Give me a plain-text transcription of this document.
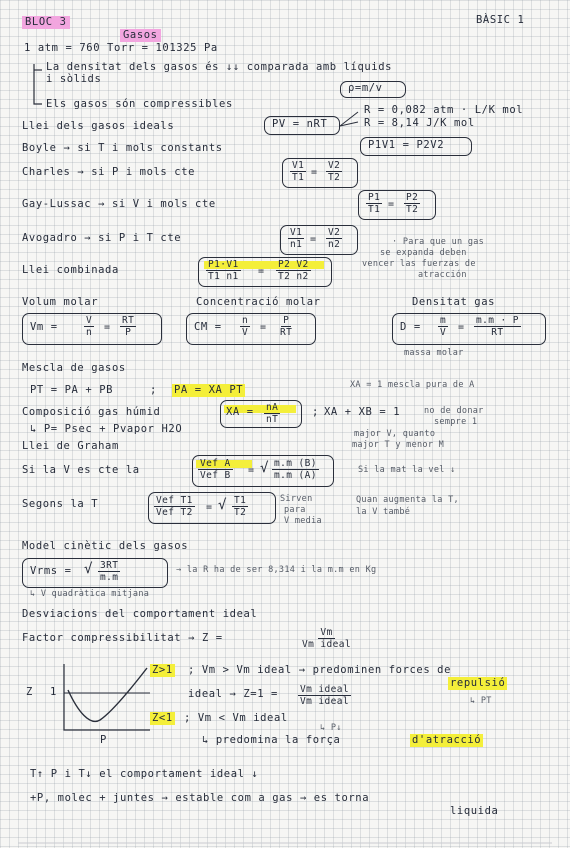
BLOC 3
Gasos
BÀSIC 1
1 atm = 760 Torr = 101325 Pa
La densitat dels gasos és ↓↓ comparada amb líquids
i sòlids
ρ=m/v
Els gasos són compressibles
Llei dels gasos ideals	PV = nRT
R = 0,082 atm · L/K mol
R = 8,14 J/K mol
Boyle → si T i mols constants	P1V1 = P2V2
Charles → si P i mols cte	$\frac{V1}{T1} = \frac{V2}{T2}$
Gay-Lussac → si V i mols cte	$\frac{P1}{T1} = \frac{P2}{T2}$
Avogadro → si P i T cte	$\frac{V1}{n1} = \frac{V2}{n2}$	· Para que un gas
se expanda deben
vencer las fuerzas de
atracción
Llei combinada	$\frac{P1\cdot V1}{T1 n1} = \frac{P2 V2}{T2 n2}$
Volum molar	Concentració molar	Densitat gas
Vm =	$\frac{V}{n} = \frac{RT}{P}$	CM = $\frac{n}{V} = \frac{P}{RT}$	$D = \frac{m}{V} = \frac{m.m \cdot P}{RT}$
massa molar
Mescla de gasos
PT = PA + PB	; PA = XA PT	XA = 1 mescla pura de A
Composició gas húmid	XA = $\frac{nA}{nT}$	; XA + XB = 1	no de donar
sempre 1
↳ P= Psec + Pvapor H2O	major V, quanto
major T y menor M
Llei de Graham
Si la V es cte la
Vef A
Vef B = √ $\frac{m.m (B)}{m.m (A)}$	Si la mat la vel ↓
Segons la T	Vef T1
Vef T2 = √ $\frac{T1}{T2}$	Sirven
para
V media
Quan augmenta la T,
la V també
Model cinètic dels gasos
Vrms = √ $\frac{3RT}{m.m}$	→ la R ha de ser 8,314 i la m.m en Kg
↳ V quadràtica mitjana
Desviacions del comportament ideal
Factor compressibilitat → Z =	Vm
Vm ideal
Z 1
P
Z>1 ; Vm > Vm ideal → predominen forces de
repulsió
↳ PT
ideal → Z=1 = Vm ideal
Vm ideal
Z<1 ; Vm < Vm ideal
↳ P↓
↳ predomina la força	d'atracció
T↑ P i T↓ el comportament ideal ↓
+P, molec + juntes → estable com a gas → es torna
liquida
